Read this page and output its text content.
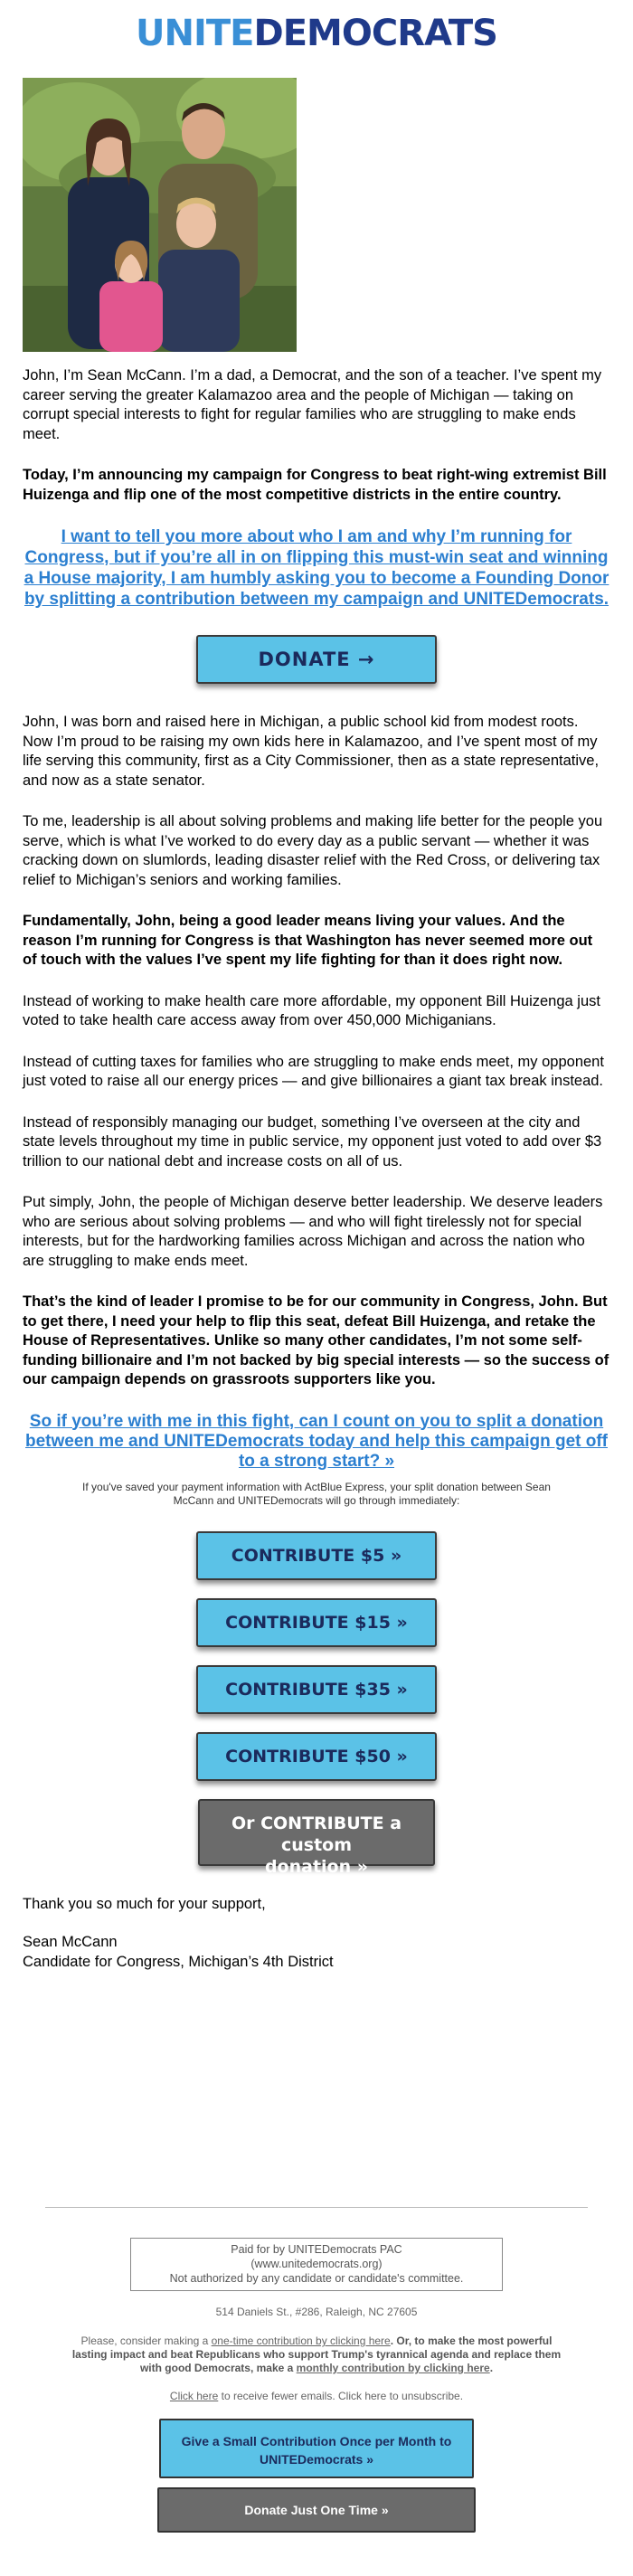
UNITEDEMOCRATS

John, I’m Sean McCann. I’m a dad, a Democrat, and the son of a teacher. I’ve spent my career serving the greater Kalamazoo area and the people of Michigan — taking on corrupt special interests to fight for regular families who are struggling to make ends meet.

Today, I’m announcing my campaign for Congress to beat right-wing extremist Bill Huizenga and flip one of the most competitive districts in the entire country.

I want to tell you more about who I am and why I’m running for Congress, but if you’re all in on flipping this must-win seat and winning a House majority, I am humbly asking you to become a Founding Donor by splitting a contribution between my campaign and UNITEDemocrats.
DONATE →

John, I was born and raised here in Michigan, a public school kid from modest roots. Now I’m proud to be raising my own kids here in Kalamazoo, and I’ve spent most of my life serving this community, first as a City Commissioner, then as a state representative, and now as a state senator.

To me, leadership is all about solving problems and making life better for the people you serve, which is what I’ve worked to do every day as a public servant — whether it was cracking down on slumlords, leading disaster relief with the Red Cross, or delivering tax relief to Michigan’s seniors and working families.

Fundamentally, John, being a good leader means living your values. And the reason I’m running for Congress is that Washington has never seemed more out of touch with the values I’ve spent my life fighting for than it does right now.

Instead of working to make health care more affordable, my opponent Bill Huizenga just voted to take health care access away from over 450,000 Michiganians.

Instead of cutting taxes for families who are struggling to make ends meet, my opponent just voted to raise all our energy prices — and give billionaires a giant tax break instead.

Instead of responsibly managing our budget, something I’ve overseen at the city and state levels throughout my time in public service, my opponent just voted to add over $3 trillion to our national debt and increase costs on all of us.

Put simply, John, the people of Michigan deserve better leadership. We deserve leaders who are serious about solving problems — and who will fight tirelessly not for special interests, but for the hardworking families across Michigan and across the nation who are struggling to make ends meet.

That’s the kind of leader I promise to be for our community in Congress, John. But to get there, I need your help to flip this seat, defeat Bill Huizenga, and retake the House of Representatives. Unlike so many other candidates, I’m not some self-funding billionaire and I’m not backed by big special interests — so the success of our campaign depends on grassroots supporters like you.

So if you’re with me in this fight, can I count on you to split a donation between me and UNITEDemocrats today and help this campaign get off to a strong start? »
If you've saved your payment information with ActBlue Express, your split donation between Sean McCann and UNITEDemocrats will go through immediately:
CONTRIBUTE $5 »
CONTRIBUTE $15 »
CONTRIBUTE $35 »
CONTRIBUTE $50 »
Or CONTRIBUTE a custom
donation »

Thank you so much for your support,

Sean McCann
Candidate for Congress, Michigan’s 4th District
Paid for by UNITEDemocrats PAC
(www.unitedemocrats.org)
Not authorized by any candidate or candidate's committee.
514 Daniels St., #286, Raleigh, NC 27605
Please, consider making a one-time contribution by clicking here. Or, to make the most powerful lasting impact and beat Republicans who support Trump's tyrannical agenda and replace them with good Democrats, make a monthly contribution by clicking here.
Click here to receive fewer emails. Click here to unsubscribe.
Give a Small Contribution Once per Month to UNITEDemocrats »
Donate Just One Time »
